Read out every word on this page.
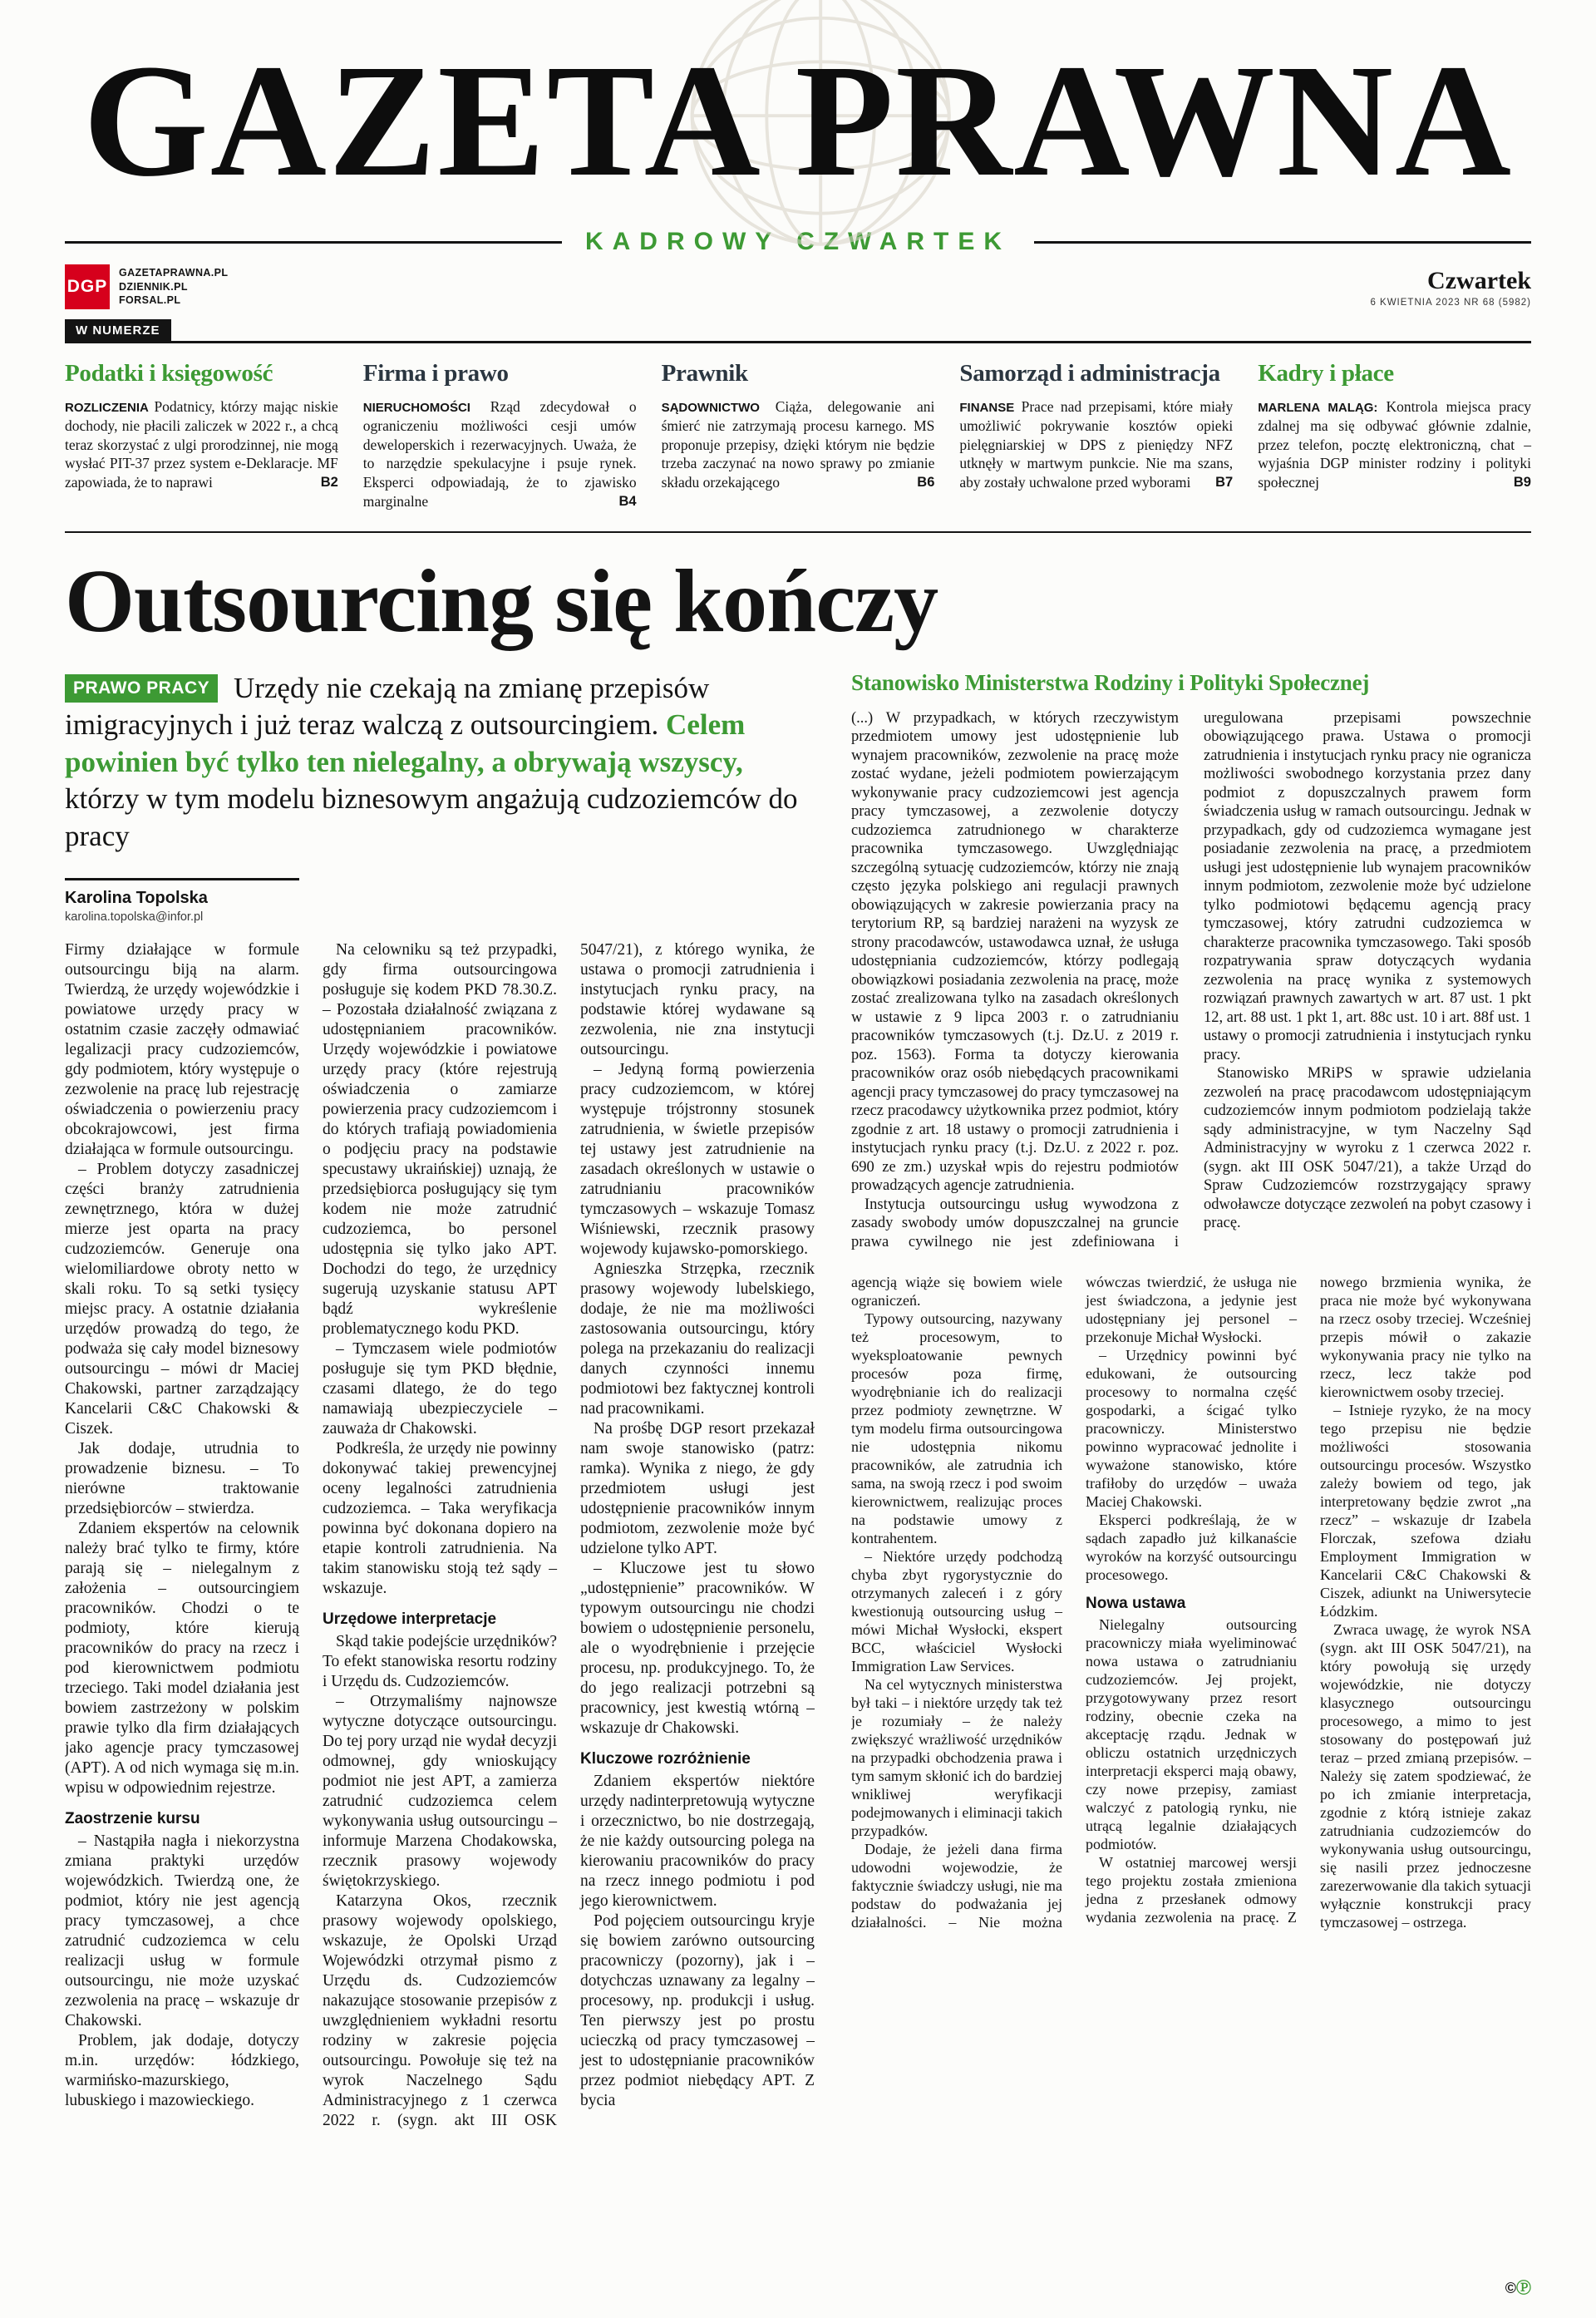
GAZETA PRAWNA
KADROWY CZWARTEK
DGP
GAZETAPRAWNA.PL
DZIENNIK.PL
FORSAL.PL
Czwartek
6 KWIETNIA 2023 NR 68 (5982)
W NUMERZE
Podatki i księgowość

ROZLICZENIA Podatnicy, którzy mając niskie dochody, nie płacili zaliczek w 2022 r., a chcą teraz skorzystać z ulgi prorodzinnej, nie mogą wysłać PIT-37 przez system e-Deklaracje. MF zapowiada, że to naprawi	B2

Firma i prawo

NIERUCHOMOŚCI Rząd zdecydował o ograniczeniu możliwości cesji umów deweloperskich i rezerwacyjnych. Uważa, że to narzędzie spekulacyjne i psuje rynek. Eksperci odpowiadają, że to zjawisko marginalne	B4

Prawnik

SĄDOWNICTWO Ciąża, delegowanie ani śmierć nie zatrzymają procesu karnego. MS proponuje przepisy, dzięki którym nie będzie trzeba zaczynać na nowo sprawy po zmianie składu orzekającego	B6

Samorząd i administracja

FINANSE Prace nad przepisami, które miały umożliwić pokrywanie kosztów opieki pielęgniarskiej w DPS z pieniędzy NFZ utknęły w martwym punkcie. Nie ma szans, aby zostały uchwalone przed wyborami B7

Kadry i płace

MARLENA MALĄG: Kontrola miejsca pracy zdalnej ma się odbywać głównie zdalnie, przez telefon, pocztę elektroniczną, chat – wyjaśnia DGP minister rodziny i polityki społecznej	B9

Outsourcing się kończy

PRAWO PRACY Urzędy nie czekają na zmianę przepisów imigracyjnych i już teraz walczą z outsourcingiem. Celem powinien być tylko ten nielegalny, a obrywają wszyscy, którzy w tym modelu biznesowym angażują cudzoziemców do pracy

Karolina Topolska
karolina.topolska@infor.pl

Firmy działające w formule outsourcingu biją na alarm. Twierdzą, że urzędy wojewódzkie i powiatowe urzędy pracy w ostatnim czasie zaczęły odmawiać legalizacji pracy cudzoziemców, gdy podmiotem, który występuje o zezwolenie na pracę lub rejestrację oświadczenia o powierzeniu pracy obcokrajowcowi, jest firma działająca w formule outsourcingu.

– Problem dotyczy zasadniczej części branży zatrudnienia zewnętrznego, która w dużej mierze jest oparta na pracy cudzoziemców. Generuje ona wielomiliardowe obroty netto w skali roku. To są setki tysięcy miejsc pracy. A ostatnie działania urzędów prowadzą do tego, że podważa się cały model biznesowy outsourcingu – mówi dr Maciej Chakowski, partner zarządzający Kancelarii C&C Chakowski & Ciszek.

Jak dodaje, utrudnia to prowadzenie biznesu. – To nierówne traktowanie przedsiębiorców – stwierdza.

Zdaniem ekspertów na celownik należy brać tylko te firmy, które parają się – nielegalnym z założenia – outsourcingiem pracowników. Chodzi o te podmioty, które kierują pracowników do pracy na rzecz i pod kierownictwem podmiotu trzeciego. Taki model działania jest bowiem zastrzeżony w polskim prawie tylko dla firm działających jako agencje pracy tymczasowej (APT). A od nich wymaga się m.in. wpisu w odpowiednim rejestrze.

Zaostrzenie kursu

– Nastąpiła nagła i niekorzystna zmiana praktyki urzędów wojewódzkich. Twierdzą one, że podmiot, który nie jest agencją pracy tymczasowej, a chce zatrudnić cudzoziemca w celu realizacji usług w formule outsourcingu, nie może uzyskać zezwolenia na pracę – wskazuje dr Chakowski.

Problem, jak dodaje, dotyczy m.in. urzędów: łódzkiego, warmińsko-mazurskiego, lubuskiego i mazowieckiego.

Na celowniku są też przypadki, gdy firma outsourcingowa posługuje się kodem PKD 78.30.Z. – Pozostała działalność związana z udostępnianiem pracowników. Urzędy wojewódzkie i powiatowe urzędy pracy (które rejestrują oświadczenia o zamiarze powierzenia pracy cudzoziemcom i do których trafiają powiadomienia o podjęciu pracy na podstawie specustawy ukraińskiej) uznają, że przedsiębiorca posługujący się tym kodem nie może zatrudnić cudzoziemca, bo personel udostępnia się tylko jako APT. Dochodzi do tego, że urzędnicy sugerują uzyskanie statusu APT bądź wykreślenie problematycznego kodu PKD.

– Tymczasem wiele podmiotów posługuje się tym PKD błędnie, czasami dlatego, że do tego namawiają ubezpieczyciele – zauważa dr Chakowski.

Podkreśla, że urzędy nie powinny dokonywać takiej prewencyjnej oceny legalności zatrudnienia cudzoziemca. – Taka weryfikacja powinna być dokonana dopiero na etapie kontroli zatrudnienia. Na takim stanowisku stoją też sądy – wskazuje.

Urzędowe interpretacje

Skąd takie podejście urzędników? To efekt stanowiska resortu rodziny i Urzędu ds. Cudzoziemców.

– Otrzymaliśmy najnowsze wytyczne dotyczące outsourcingu. Do tej pory urząd nie wydał decyzji odmownej, gdy wnioskujący podmiot nie jest APT, a zamierza zatrudnić cudzoziemca celem wykonywania usług outsourcingu – informuje Marzena Chodakowska, rzecznik prasowy wojewody świętokrzyskiego.

Katarzyna Okos, rzecznik prasowy wojewody opolskiego, wskazuje, że Opolski Urząd Wojewódzki otrzymał pismo z Urzędu ds. Cudzoziemców nakazujące stosowanie przepisów z uwzględnieniem wykładni resortu rodziny w zakresie pojęcia outsourcingu. Powołuje się też na wyrok Naczelnego Sądu Administracyjnego z 1 czerwca 2022 r. (sygn. akt III OSK 5047/21), z którego wynika, że ustawa o promocji zatrudnienia i instytucjach rynku pracy, na podstawie której wydawane są zezwolenia, nie zna instytucji outsourcingu.

– Jedyną formą powierzenia pracy cudzoziemcom, w której występuje trójstronny stosunek zatrudnienia, w świetle przepisów tej ustawy jest zatrudnienie na zasadach określonych w ustawie o zatrudnianiu pracowników tymczasowych – wskazuje Tomasz Wiśniewski, rzecznik prasowy wojewody kujawsko-pomorskiego.

Agnieszka Strzępka, rzecznik prasowy wojewody lubelskiego, dodaje, że nie ma możliwości zastosowania outsourcingu, który polega na przekazaniu do realizacji danych czynności innemu podmiotowi bez faktycznej kontroli nad pracownikami.

Na prośbę DGP resort przekazał nam swoje stanowisko (patrz: ramka). Wynika z niego, że gdy przedmiotem usługi jest udostępnienie pracowników innym podmiotom, zezwolenie może być udzielone tylko APT.

– Kluczowe jest tu słowo „udostępnienie” pracowników. W typowym outsourcingu nie chodzi bowiem o udostępnienie personelu, ale o wyodrębnienie i przejęcie procesu, np. produkcyjnego. To, że do jego realizacji potrzebni są pracownicy, jest kwestią wtórną – wskazuje dr Chakowski.

Kluczowe rozróżnienie

Zdaniem ekspertów niektóre urzędy nadinterpretowują wytyczne i orzecznictwo, bo nie dostrzegają, że nie każdy outsourcing polega na kierowaniu pracowników do pracy na rzecz innego podmiotu i pod jego kierownictwem.

Pod pojęciem outsourcingu kryje się bowiem zarówno outsourcing pracowniczy (pozorny), jak i – dotychczas uznawany za legalny – procesowy, np. produkcji i usług. Ten pierwszy jest po prostu ucieczką od pracy tymczasowej – jest to udostępnianie pracowników przez podmiot niebędący APT. Z bycia

Stanowisko Ministerstwa Rodziny i Polityki Społecznej

(...) W przypadkach, w których rzeczywistym przedmiotem umowy jest udostępnienie lub wynajem pracowników, zezwolenie na pracę może zostać wydane, jeżeli podmiotem powierzającym wykonywanie pracy cudzoziemcowi jest agencja pracy tymczasowej, a zezwolenie dotyczy cudzoziemca zatrudnionego w charakterze pracownika tymczasowego. Uwzględniając szczególną sytuację cudzoziemców, którzy nie znają często języka polskiego ani regulacji prawnych obowiązujących w zakresie powierzania pracy na terytorium RP, są bardziej narażeni na wyzysk ze strony pracodawców, ustawodawca uznał, że usługa udostępniania cudzoziemców, którzy podlegają obowiązkowi posiadania zezwolenia na pracę, może zostać zrealizowana tylko na zasadach określonych w ustawie z 9 lipca 2003 r. o zatrudnianiu pracowników tymczasowych (t.j. Dz.U. z 2019 r. poz. 1563). Forma ta dotyczy kierowania pracowników oraz osób niebędących pracownikami agencji pracy tymczasowej do pracy tymczasowej na rzecz pracodawcy użytkownika przez podmiot, który zgodnie z art. 18 ustawy o promocji zatrudnienia i instytucjach rynku pracy (t.j. Dz.U. z 2022 r. poz. 690 ze zm.) uzyskał wpis do rejestru podmiotów prowadzących agencje zatrudnienia.

Instytucja outsourcingu usług wywodzona z zasady swobody umów dopuszczalnej na gruncie prawa cywilnego nie jest zdefiniowana i uregulowana przepisami powszechnie obowiązującego prawa. Ustawa o promocji zatrudnienia i instytucjach rynku pracy nie ogranicza możliwości swobodnego korzystania przez dany podmiot z dopuszczalnych prawem form świadczenia usług w ramach outsourcingu. Jednak w przypadkach, gdy od cudzoziemca wymagane jest posiadanie zezwolenia na pracę, a przedmiotem usługi jest udostępnienie lub wynajem pracowników innym podmiotom, zezwolenie może być udzielone tylko podmiotowi będącemu agencją pracy tymczasowej, który zatrudni cudzoziemca w charakterze pracownika tymczasowego. Taki sposób rozpatrywania spraw dotyczących wydania zezwolenia na pracę wynika z systemowych rozwiązań prawnych zawartych w art. 87 ust. 1 pkt 12, art. 88 ust. 1 pkt 1, art. 88c ust. 10 i art. 88f ust. 1 ustawy o promocji zatrudnienia i instytucjach rynku pracy.

Stanowisko MRiPS w sprawie udzielania zezwoleń na pracę pracodawcom udostępniającym cudzoziemców innym podmiotom podzielają także sądy administracyjne, w tym Naczelny Sąd Administracyjny w wyroku z 1 czerwca 2022 r. (sygn. akt III OSK 5047/21), a także Urząd do Spraw Cudzoziemców rozstrzygający sprawy odwoławcze dotyczące zezwoleń na pobyt czasowy i pracę.

agencją wiąże się bowiem wiele ograniczeń.

Typowy outsourcing, nazywany też procesowym, to wyeksploatowanie pewnych procesów poza firmę, wyodrębnianie ich do realizacji przez podmioty zewnętrzne. W tym modelu firma outsourcingowa nie udostępnia nikomu pracowników, ale zatrudnia ich sama, na swoją rzecz i pod swoim kierownictwem, realizując proces na podstawie umowy z kontrahentem.

– Niektóre urzędy podchodzą chyba zbyt rygorystycznie do otrzymanych zaleceń i z góry kwestionują outsourcing usług – mówi Michał Wysłocki, ekspert BCC, właściciel Wysłocki Immigration Law Services.

Na cel wytycznych ministerstwa był taki – i niektóre urzędy tak też je rozumiały – że należy zwiększyć wrażliwość urzędników na przypadki obchodzenia prawa i tym samym skłonić ich do bardziej wnikliwej weryfikacji podejmowanych i eliminacji takich przypadków.

Dodaje, że jeżeli dana firma udowodni wojewodzie, że faktycznie świadczy usługi, nie ma podstaw do podważania jej działalności. – Nie można wówczas twierdzić, że usługa nie jest świadczona, a jedynie jest udostępniany jej personel – przekonuje Michał Wysłocki.

– Urzędnicy powinni być edukowani, że outsourcing procesowy to normalna część gospodarki, a ścigać tylko pracowniczy. Ministerstwo powinno wypracować jednolite i wyważone stanowisko, które trafiłoby do urzędów – uważa Maciej Chakowski.

Eksperci podkreślają, że w sądach zapadło już kilkanaście wyroków na korzyść outsourcingu procesowego.

Nowa ustawa

Nielegalny outsourcing pracowniczy miała wyeliminować nowa ustawa o zatrudnianiu cudzoziemców. Jej projekt, przygotowywany przez resort rodziny, obecnie czeka na akceptację rządu. Jednak w obliczu ostatnich urzędniczych interpretacji eksperci mają obawy, czy nowe przepisy, zamiast walczyć z patologią rynku, nie utrącą legalnie działających podmiotów.

W ostatniej marcowej wersji tego projektu została zmieniona jedna z przesłanek odmowy wydania zezwolenia na pracę. Z nowego brzmienia wynika, że praca nie może być wykonywana na rzecz osoby trzeciej. Wcześniej przepis mówił o zakazie wykonywania pracy nie tylko na rzecz, lecz także pod kierownictwem osoby trzeciej.

– Istnieje ryzyko, że na mocy tego przepisu nie będzie możliwości stosowania outsourcingu procesów. Wszystko zależy bowiem od tego, jak interpretowany będzie zwrot „na rzecz” – wskazuje dr Izabela Florczak, szefowa działu Employment Immigration w Kancelarii C&C Chakowski & Ciszek, adiunkt na Uniwersytecie Łódzkim.

Zwraca uwagę, że wyrok NSA (sygn. akt III OSK 5047/21), na który powołują się urzędy wojewódzkie, nie dotyczy klasycznego outsourcingu procesowego, a mimo to jest stosowany do postępowań już teraz – przed zmianą przepisów. – Należy się zatem spodziewać, że po ich zmianie interpretacja, zgodnie z którą istnieje zakaz zatrudniania cudzoziemców do wykonywania usług outsourcingu, się nasili przez jednoczesne zarezerwowanie dla takich sytuacji wyłącznie konstrukcji pracy tymczasowej – ostrzega.

©Ⓟ
